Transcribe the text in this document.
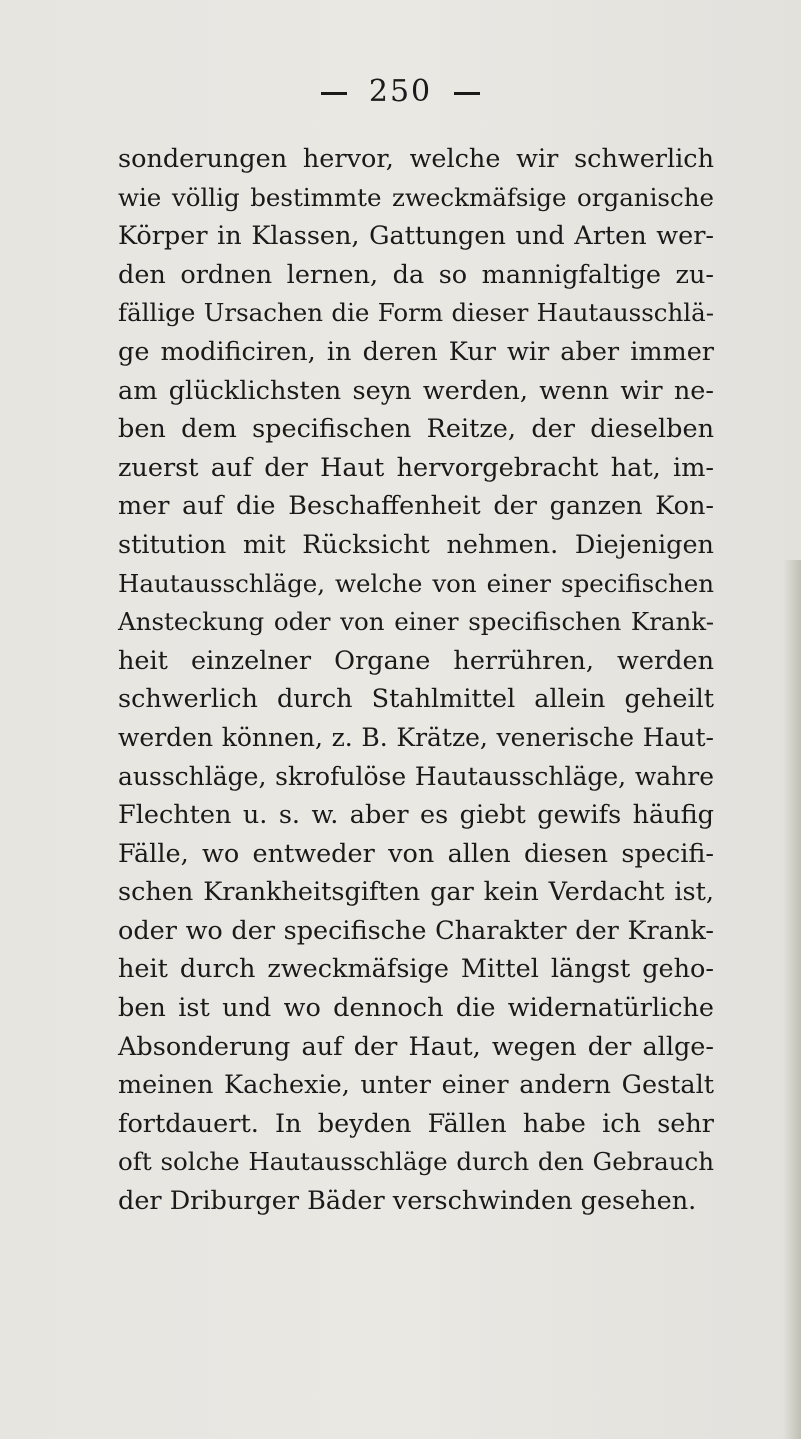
250
sonderungen hervor, welche wir schwerlich
wie völlig bestimmte zweckmäfsige organische
Körper in Klassen, Gattungen und Arten wer-
den ordnen lernen, da so mannigfaltige zu-
fällige Ursachen die Form dieser Hautausschlä-
ge modificiren, in deren Kur wir aber immer
am glücklichsten seyn werden, wenn wir ne-
ben dem specifischen Reitze, der dieselben
zuerst auf der Haut hervorgebracht hat, im-
mer auf die Beschaffenheit der ganzen Kon-
stitution mit Rücksicht nehmen. Diejenigen
Hautausschläge, welche von einer specifischen
Ansteckung oder von einer specifischen Krank-
heit einzelner Organe herrühren, werden
schwerlich durch Stahlmittel allein geheilt
werden können, z. B. Krätze, venerische Haut-
ausschläge, skrofulöse Hautausschläge, wahre
Flechten u. s. w. aber es giebt gewifs häufig
Fälle, wo entweder von allen diesen specifi-
schen Krankheitsgiften gar kein Verdacht ist,
oder wo der specifische Charakter der Krank-
heit durch zweckmäfsige Mittel längst geho-
ben ist und wo dennoch die widernatürliche
Absonderung auf der Haut, wegen der allge-
meinen Kachexie, unter einer andern Gestalt
fortdauert. In beyden Fällen habe ich sehr
oft solche Hautausschläge durch den Gebrauch
der Driburger Bäder verschwinden gesehen.
